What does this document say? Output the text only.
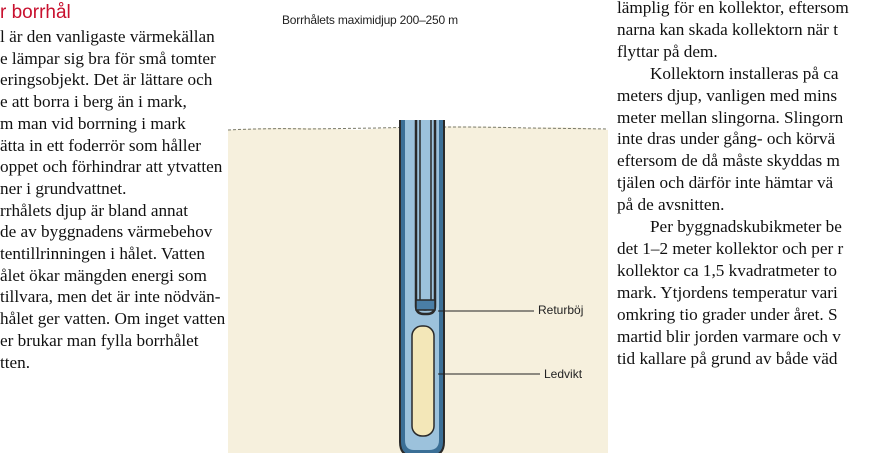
r borrhål
l är den vanligaste värmekällan
e lämpar sig bra för små tomter
eringsobjekt. Det är lättare och
e att borra i berg än i mark,
m man vid borrning i mark
ätta in ett foderrör som håller
oppet och förhindrar att ytvatten
ner i grundvattnet.
rrhålets djup är bland annat
de av byggnadens värmebehov
tentillrinningen i hålet. Vatten
ålet ökar mängden energi som
tillvara, men det är inte nödvän-
hålet ger vatten. Om inget vatten
er brukar man fylla borrhålet
tten.
Borrhålets maximidjup 200–250 m
Returböj
Ledvikt
lämplig för en kollektor, eftersom
narna kan skada kollektorn när t
flyttar på dem.
Kollektorn installeras på ca
meters djup, vanligen med mins
meter mellan slingorna. Slingorn
inte dras under gång- och körvä
eftersom de då måste skyddas m
tjälen och därför inte hämtar vä
på de avsnitten.
Per byggnadskubikmeter be
det 1–2 meter kollektor och per r
kollektor ca 1,5 kvadratmeter to
mark. Ytjordens temperatur vari
omkring tio grader under året. S
martid blir jorden varmare och v
tid kallare på grund av både väd
